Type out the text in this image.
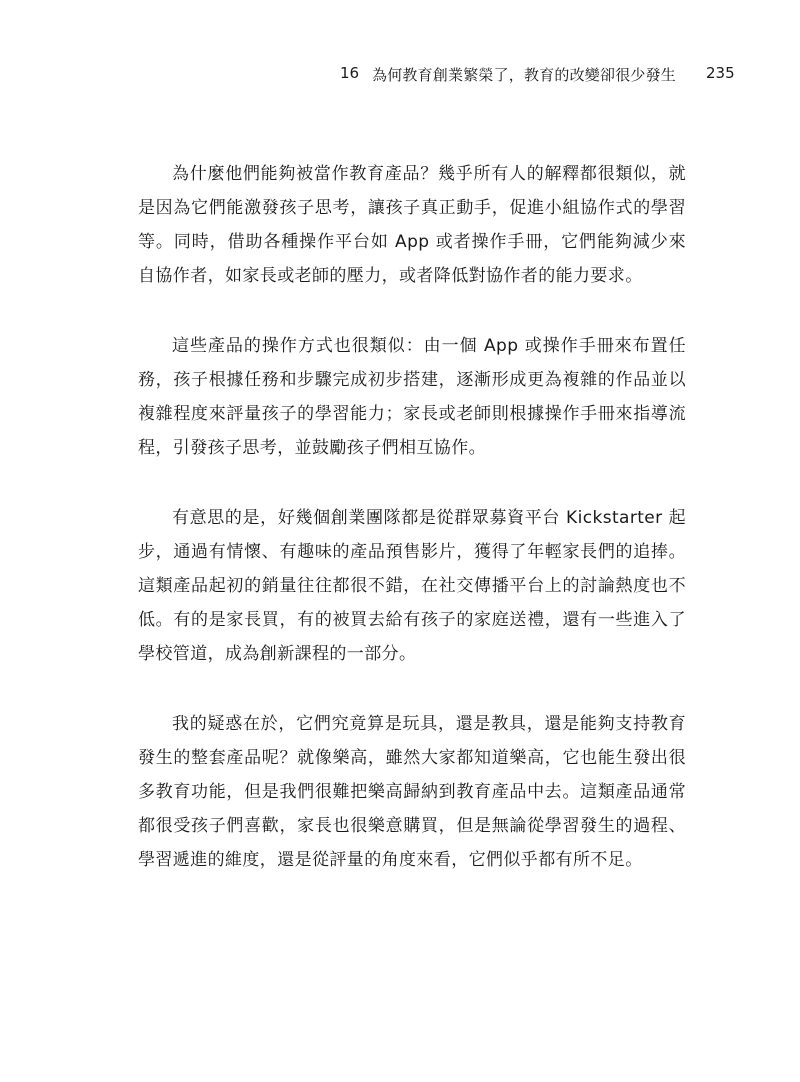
16 為何教育創業繁榮了，教育的改變卻很少發生 235

為什麼他們能夠被當作教育產品？幾乎所有人的解釋都很類似，就是因為它們能激發孩子思考，讓孩子真正動手，促進小組協作式的學習等。同時，借助各種操作平台如 App 或者操作手冊，它們能夠減少來自協作者，如家長或老師的壓力，或者降低對協作者的能力要求。

這些產品的操作方式也很類似：由一個 App 或操作手冊來布置任務，孩子根據任務和步驟完成初步搭建，逐漸形成更為複雜的作品並以複雜程度來評量孩子的學習能力；家長或老師則根據操作手冊來指導流程，引發孩子思考，並鼓勵孩子們相互協作。

有意思的是，好幾個創業團隊都是從群眾募資平台 Kickstarter 起步，通過有情懷、有趣味的產品預售影片，獲得了年輕家長們的追捧。這類產品起初的銷量往往都很不錯，在社交傳播平台上的討論熱度也不低。有的是家長買，有的被買去給有孩子的家庭送禮，還有一些進入了學校管道，成為創新課程的一部分。

我的疑惑在於，它們究竟算是玩具，還是教具，還是能夠支持教育發生的整套產品呢？就像樂高，雖然大家都知道樂高，它也能生發出很多教育功能，但是我們很難把樂高歸納到教育產品中去。這類產品通常都很受孩子們喜歡，家長也很樂意購買，但是無論從學習發生的過程、學習遞進的維度，還是從評量的角度來看，它們似乎都有所不足。
